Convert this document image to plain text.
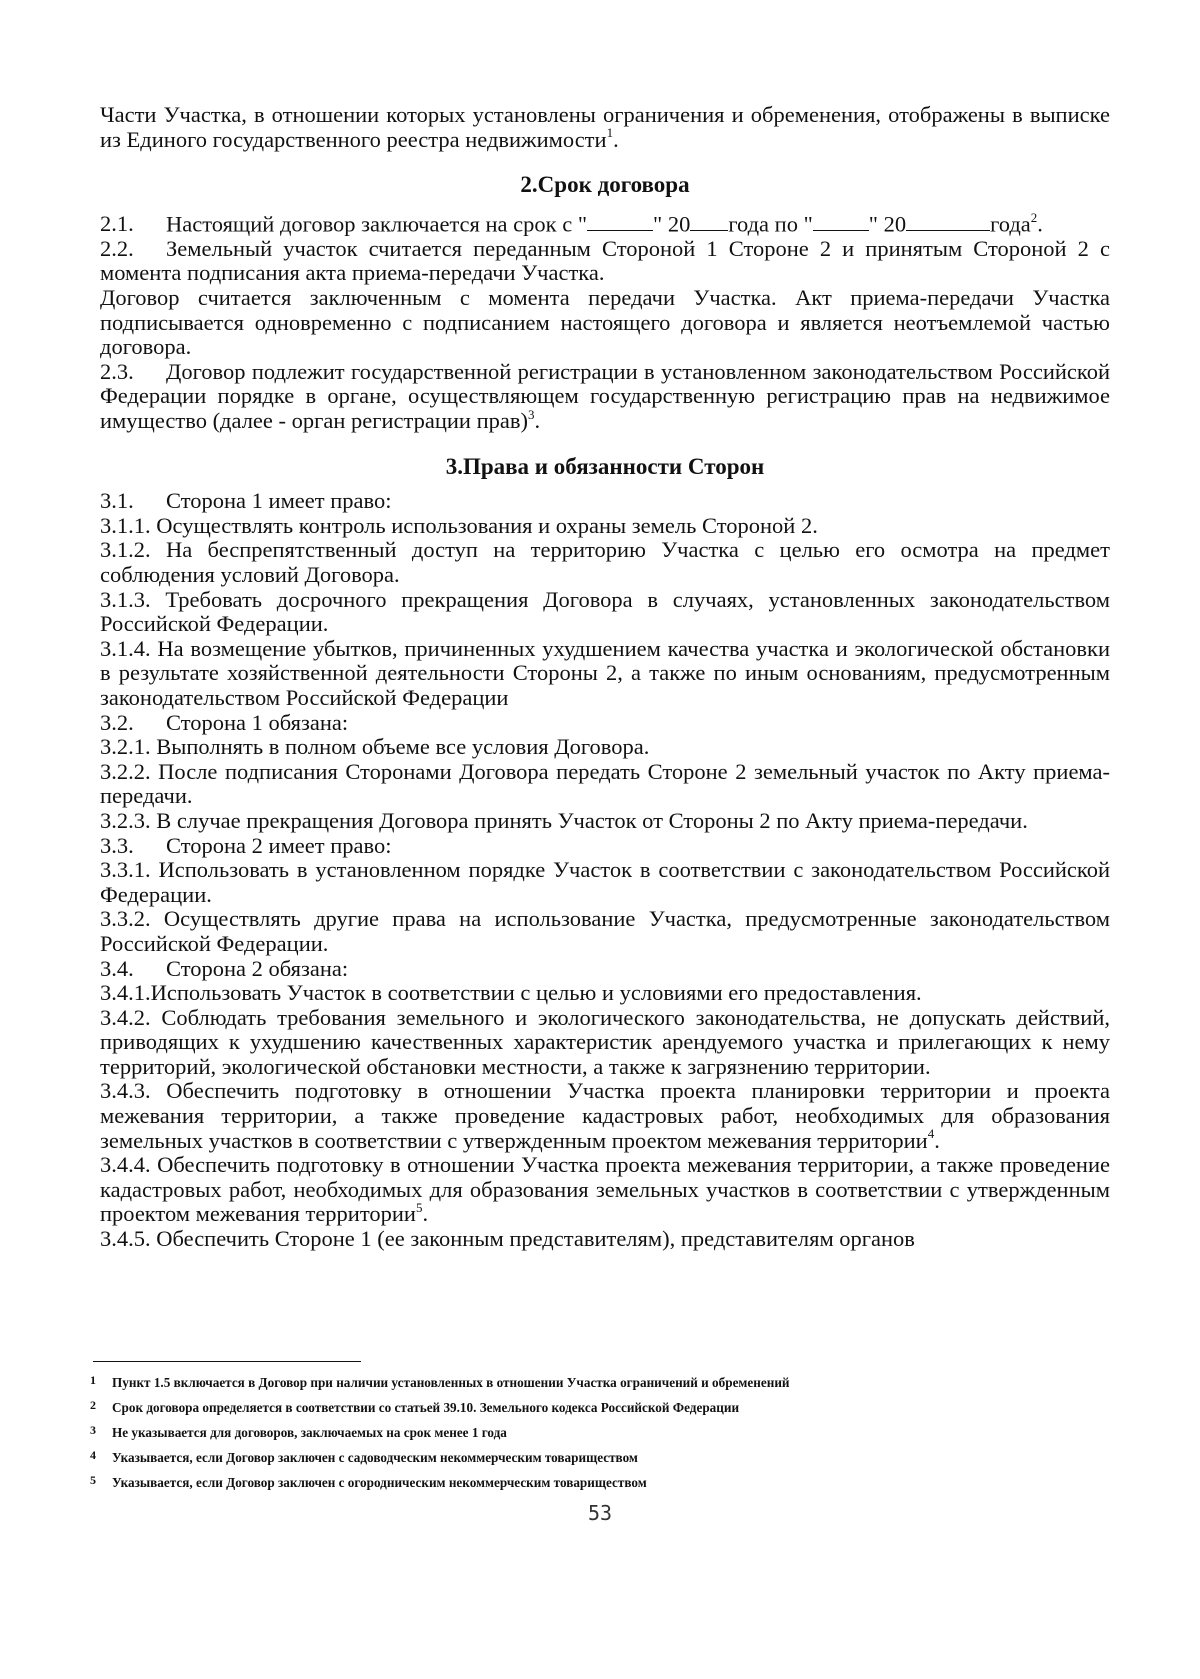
Части Участка, в отношении которых установлены ограничения и обременения, отображены в выписке из Единого государственного реестра недвижимости$^1$.

2.Срок договора

2.1. Настоящий договор заключается на срок с "	" 20 года по " " 20	года$^2$.

2.2. Земельный участок считается переданным Стороной 1 Стороне 2 и принятым Стороной 2 с момента подписания акта приема-передачи Участка.

Договор считается заключенным с момента передачи Участка. Акт приема-передачи Участка подписывается одновременно с подписанием настоящего договора и является неотъемлемой частью договора.

2.3. Договор подлежит государственной регистрации в установленном законодательством Российской Федерации порядке в органе, осуществляющем государственную регистрацию прав на недвижимое имущество (далее - орган регистрации прав)$^3$.

3.Права и обязанности Сторон

3.1. Сторона 1 имеет право:

3.1.1. Осуществлять контроль использования и охраны земель Стороной 2.

3.1.2. На беспрепятственный доступ на территорию Участка с целью его осмотра на предмет соблюдения условий Договора.

3.1.3. Требовать досрочного прекращения Договора в случаях, установленных законодательством Российской Федерации.

3.1.4. На возмещение убытков, причиненных ухудшением качества участка и экологической обстановки в результате хозяйственной деятельности Стороны 2, а также по иным основаниям, предусмотренным законодательством Российской Федерации

3.2. Сторона 1 обязана:

3.2.1. Выполнять в полном объеме все условия Договора.

3.2.2. После подписания Сторонами Договора передать Стороне 2 земельный участок по Акту приема-передачи.

3.2.3. В случае прекращения Договора принять Участок от Стороны 2 по Акту приема-передачи.

3.3. Сторона 2 имеет право:

3.3.1. Использовать в установленном порядке Участок в соответствии с законодательством Российской Федерации.

3.3.2. Осуществлять другие права на использование Участка, предусмотренные законодательством Российской Федерации.

3.4. Сторона 2 обязана:

3.4.1.Использовать Участок в соответствии с целью и условиями его предоставления.

3.4.2. Соблюдать требования земельного и экологического законодательства, не допускать действий, приводящих к ухудшению качественных характеристик арендуемого участка и прилегающих к нему территорий, экологической обстановки местности, а также к загрязнению территории.

3.4.3. Обеспечить подготовку в отношении Участка проекта планировки территории и проекта межевания территории, а также проведение кадастровых работ, необходимых для образования земельных участков в соответствии с утвержденным проектом межевания территории$^4$.

3.4.4. Обеспечить подготовку в отношении Участка проекта межевания территории, а также проведение кадастровых работ, необходимых для образования земельных участков в соответствии с утвержденным проектом межевания территории$^5$.

3.4.5. Обеспечить Стороне 1 (ее законным представителям), представителям органов

1 Пункт 1.5 включается в Договор при наличии установленных в отношении Участка ограничений и обременений

2 Срок договора определяется в соответствии со статьей 39.10. Земельного кодекса Российской Федерации

3 Не указывается для договоров, заключаемых на срок менее 1 года

4 Указывается, если Договор заключен с садоводческим некоммерческим товариществом

5 Указывается, если Договор заключен с огородническим некоммерческим товариществом

53
